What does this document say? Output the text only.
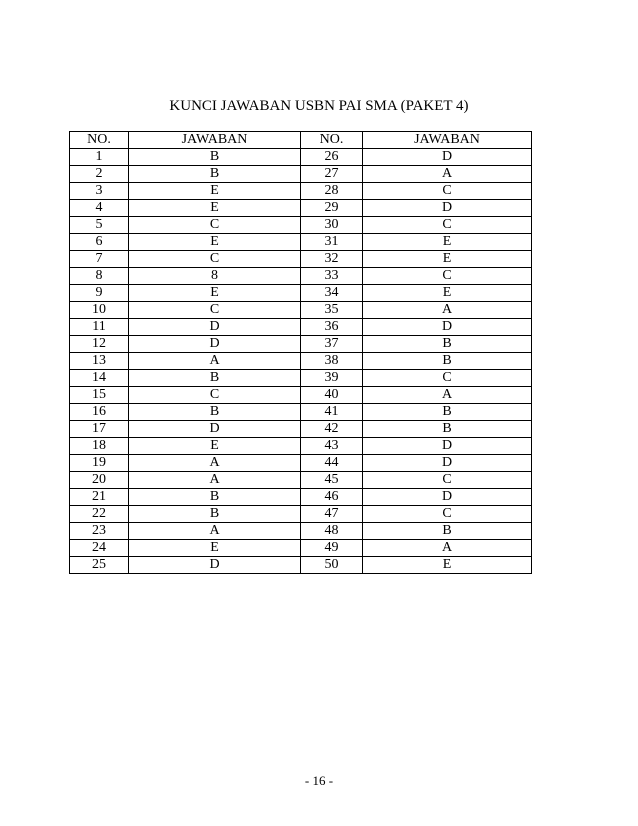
KUNCI JAWABAN USBN PAI SMA (PAKET 4)
NO.	JAWABAN	NO.	JAWABAN
1	B	26	D
2	B	27	A
3	E	28	C
4	E	29	D
5	C	30	C
6	E	31	E
7	C	32	E
8	8	33	C
9	E	34	E
10	C	35	A
11	D	36	D
12	D	37	B
13	A	38	B
14	B	39	C
15	C	40	A
16	B	41	B
17	D	42	B
18	E	43	D
19	A	44	D
20	A	45	C
21	B	46	D
22	B	47	C
23	A	48	B
24	E	49	A
25	D	50	E
- 16 -
